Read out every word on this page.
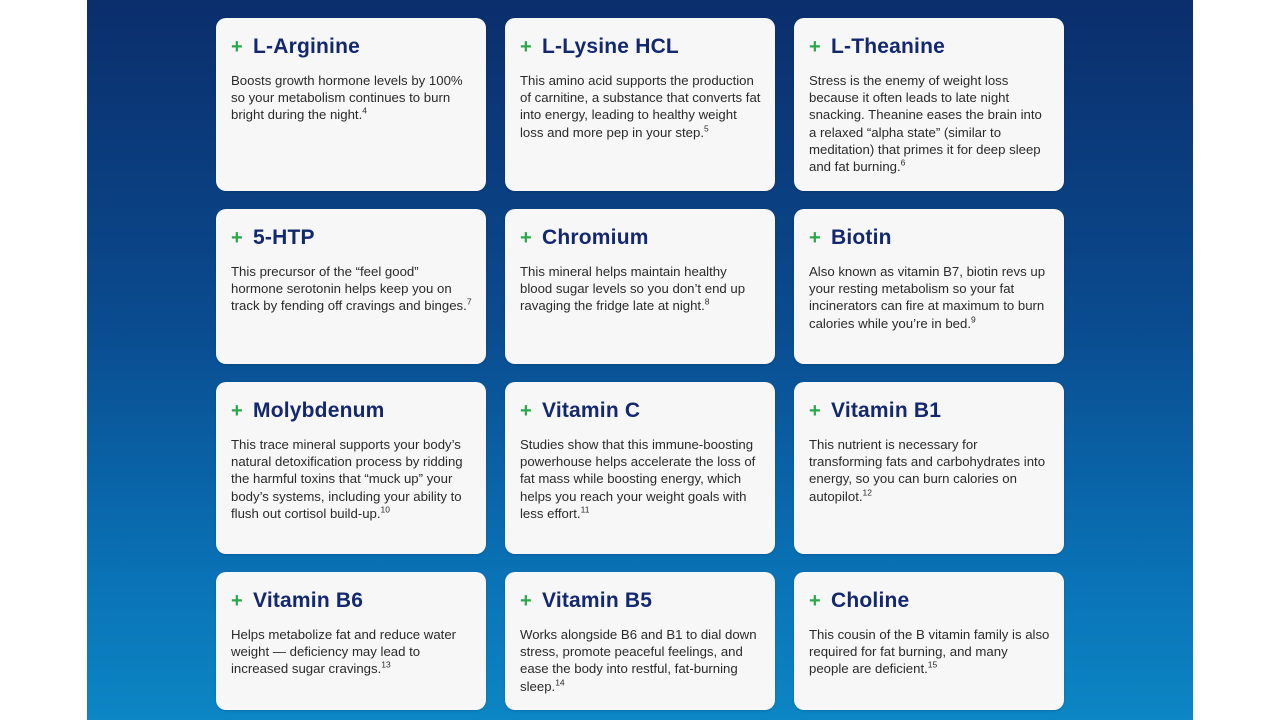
+ L-Arginine
Boosts growth hormone levels by 100% so your metabolism continues to burn bright during the night.$^4$
+ L-Lysine HCL
This amino acid supports the production of carnitine, a substance that converts fat into energy, leading to healthy weight loss and more pep in your step.$^5$
+ L-Theanine
Stress is the enemy of weight loss because it often leads to late night snacking. Theanine eases the brain into a relaxed “alpha state” (similar to meditation) that primes it for deep sleep and fat burning.$^6$
+ 5-HTP
This precursor of the “feel good” hormone serotonin helps keep you on track by fending off cravings and binges.$^7$
+ Chromium
This mineral helps maintain healthy blood sugar levels so you don’t end up ravaging the fridge late at night.$^8$
+ Biotin
Also known as vitamin B7, biotin revs up your resting metabolism so your fat incinerators can fire at maximum to burn calories while you’re in bed.$^9$
+ Molybdenum
This trace mineral supports your body’s natural detoxification process by ridding the harmful toxins that “muck up” your body’s systems, including your ability to flush out cortisol build-up.$^{10}$
+ Vitamin C
Studies show that this immune-boosting powerhouse helps accelerate the loss of fat mass while boosting energy, which helps you reach your weight goals with less effort.$^{11}$
+ Vitamin B1
This nutrient is necessary for transforming fats and carbohydrates into energy, so you can burn calories on autopilot.$^{12}$
+ Vitamin B6
Helps metabolize fat and reduce water weight — deficiency may lead to increased sugar cravings.$^{13}$
+ Vitamin B5
Works alongside B6 and B1 to dial down stress, promote peaceful feelings, and ease the body into restful, fat-burning sleep.$^{14}$
+ Choline
This cousin of the B vitamin family is also required for fat burning, and many people are deficient.$^{15}$
